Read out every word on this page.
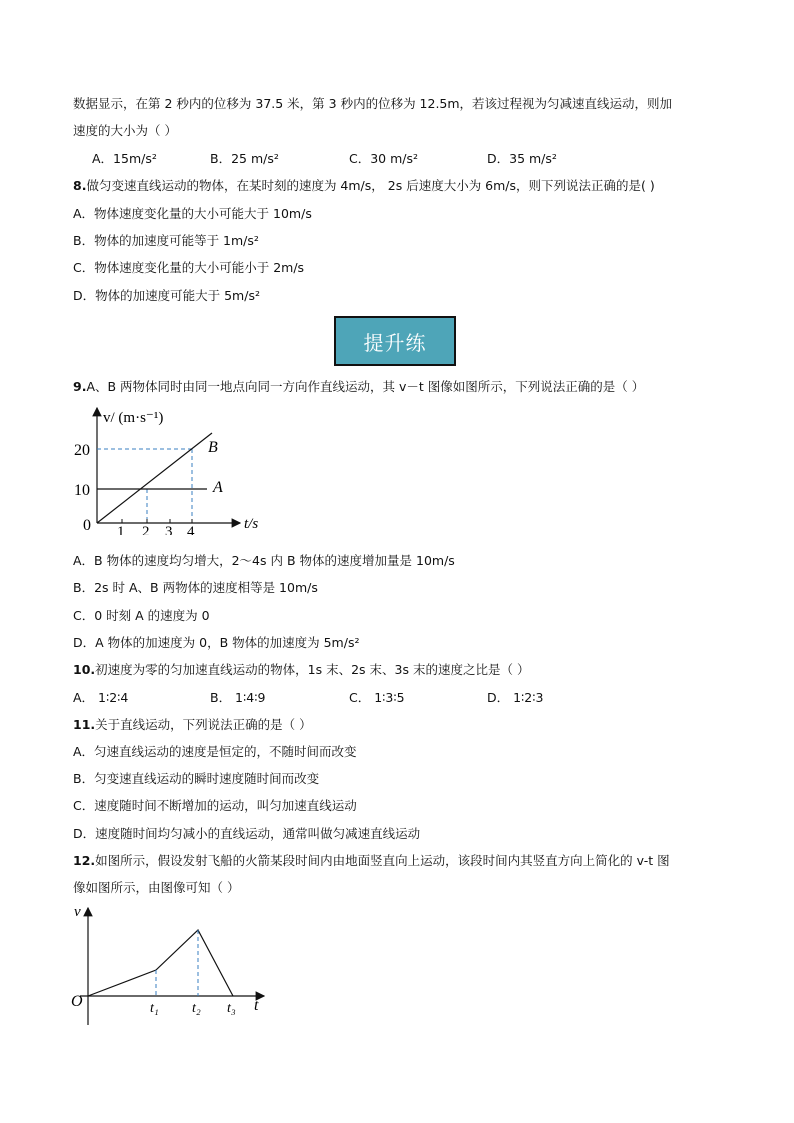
数据显示，在第 2 秒内的位移为 37.5 米，第 3 秒内的位移为 12.5m，若该过程视为匀减速直线运动，则加
速度的大小为（ ）
A．15m/s²	B．25 m/s²	C．30 m/s²	D．35 m/s²
8.做匀变速直线运动的物体，在某时刻的速度为 4m/s， 2s 后速度大小为 6m/s，则下列说法正确的是( )
A．物体速度变化量的大小可能大于 10m/s
B．物体的加速度可能等于 1m/s²
C．物体速度变化量的大小可能小于 2m/s
D．物体的加速度可能大于 5m/s²
提升练
9.A、B 两物体同时由同一地点向同一方向作直线运动，其 v－t 图像如图所示，下列说法正确的是（ ）
v/ (m·s⁻¹)
20
10
0 1 2 3 4	t/s
A
B
A．B 物体的速度均匀增大，2～4s 内 B 物体的速度增加量是 10m/s
B．2s 时 A、B 两物体的速度相等是 10m/s
C．0 时刻 A 的速度为 0
D．A 物体的加速度为 0，B 物体的加速度为 5m/s²
10.初速度为零的匀加速直线运动的物体，1s 末、2s 末、3s 末的速度之比是（ ）
A． 1∶2∶4	B． 1∶4∶9	C． 1∶3∶5	D． 1∶2∶3
11.关于直线运动，下列说法正确的是（ ）
A．匀速直线运动的速度是恒定的，不随时间而改变
B．匀变速直线运动的瞬时速度随时间而改变
C．速度随时间不断增加的运动，叫匀加速直线运动
D．速度随时间均匀减小的直线运动，通常叫做匀减速直线运动
12.如图所示，假设发射飞船的火箭某段时间内由地面竖直向上运动，该段时间内其竖直方向上简化的 v-t 图
像如图所示，由图像可知（ ）
v
O	t₁ t₂ t₃ t
